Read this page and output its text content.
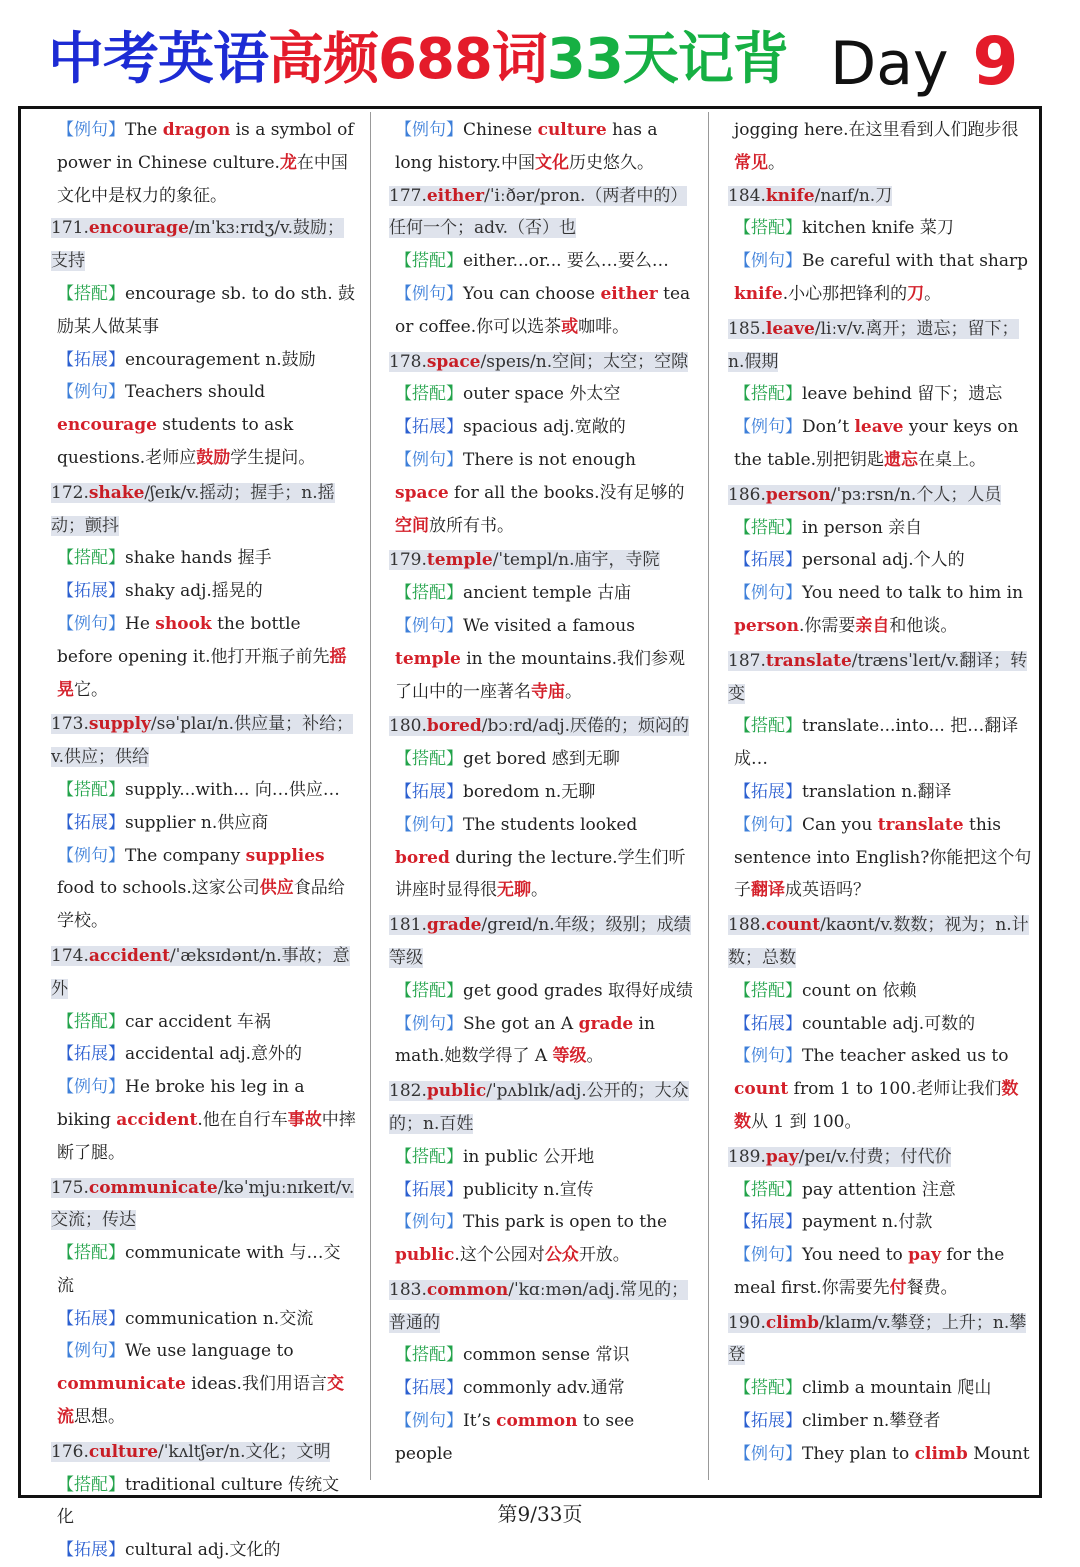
中考英语高频688词33天记背 Day 9
【例句】The dragon is a symbol of power in Chinese culture.龙在中国文化中是权力的象征。
171.encourage/ɪnˈkɜːrɪdʒ/v.鼓励；支持
【搭配】encourage sb. to do sth. 鼓励某人做某事
【拓展】encouragement n.鼓励
【例句】Teachers should encourage students to ask questions.老师应鼓励学生提问。
172.shake/ʃeɪk/v.摇动；握手；n.摇动；颤抖
【搭配】shake hands 握手
【拓展】shaky adj.摇晃的
【例句】He shook the bottle before opening it.他打开瓶子前先摇晃它。
173.supply/səˈplaɪ/n.供应量；补给；v.供应；供给
【搭配】supply...with... 向…供应…
【拓展】supplier n.供应商
【例句】The company supplies food to schools.这家公司供应食品给学校。
174.accident/ˈæksɪdənt/n.事故；意外
【搭配】car accident 车祸
【拓展】accidental adj.意外的
【例句】He broke his leg in a biking accident.他在自行车事故中摔断了腿。
175.communicate/kəˈmjuːnɪkeɪt/v.交流；传达
【搭配】communicate with 与…交流
【拓展】communication n.交流
【例句】We use language to communicate ideas.我们用语言交流思想。
176.culture/ˈkʌltʃər/n.文化；文明
【搭配】traditional culture 传统文化
【拓展】cultural adj.文化的
【例句】Chinese culture has a long history.中国文化历史悠久。
177.either/ˈiːðər/pron.（两者中的）任何一个；adv.（否）也
【搭配】either...or... 要么…要么…
【例句】You can choose either tea or coffee.你可以选茶或咖啡。
178.space/speɪs/n.空间；太空；空隙
【搭配】outer space 外太空
【拓展】spacious adj.宽敞的
【例句】There is not enough space for all the books.没有足够的空间放所有书。
179.temple/ˈtempl/n.庙宇，寺院
【搭配】ancient temple 古庙
【例句】We visited a famous temple in the mountains.我们参观了山中的一座著名寺庙。
180.bored/bɔːrd/adj.厌倦的；烦闷的
【搭配】get bored 感到无聊
【拓展】boredom n.无聊
【例句】The students looked bored during the lecture.学生们听讲座时显得很无聊。
181.grade/greɪd/n.年级；级别；成绩等级
【搭配】get good grades 取得好成绩
【例句】She got an A grade in math.她数学得了 A 等级。
182.public/ˈpʌblɪk/adj.公开的；大众的；n.百姓
【搭配】in public 公开地
【拓展】publicity n.宣传
【例句】This park is open to the public.这个公园对公众开放。
183.common/ˈkɑːmən/adj.常见的；普通的
【搭配】common sense 常识
【拓展】commonly adv.通常
【例句】It’s common to see people
jogging here.在这里看到人们跑步很常见。
184.knife/naɪf/n.刀
【搭配】kitchen knife 菜刀
【例句】Be careful with that sharp knife.小心那把锋利的刀。
185.leave/liːv/v.离开；遗忘；留下；n.假期
【搭配】leave behind 留下；遗忘
【例句】Don’t leave your keys on the table.别把钥匙遗忘在桌上。
186.person/ˈpɜːrsn/n.个人；人员
【搭配】in person 亲自
【拓展】personal adj.个人的
【例句】You need to talk to him in person.你需要亲自和他谈。
187.translate/trænsˈleɪt/v.翻译；转变
【搭配】translate...into... 把…翻译成…
【拓展】translation n.翻译
【例句】Can you translate this sentence into English?你能把这个句子翻译成英语吗？
188.count/kaʊnt/v.数数；视为；n.计数；总数
【搭配】count on 依赖
【拓展】countable adj.可数的
【例句】The teacher asked us to count from 1 to 100.老师让我们数数从 1 到 100。
189.pay/peɪ/v.付费；付代价
【搭配】pay attention 注意
【拓展】payment n.付款
【例句】You need to pay for the meal first.你需要先付餐费。
190.climb/klaɪm/v.攀登；上升；n.攀登
【搭配】climb a mountain 爬山
【拓展】climber n.攀登者
【例句】They plan to climb Mount
第9/33页
